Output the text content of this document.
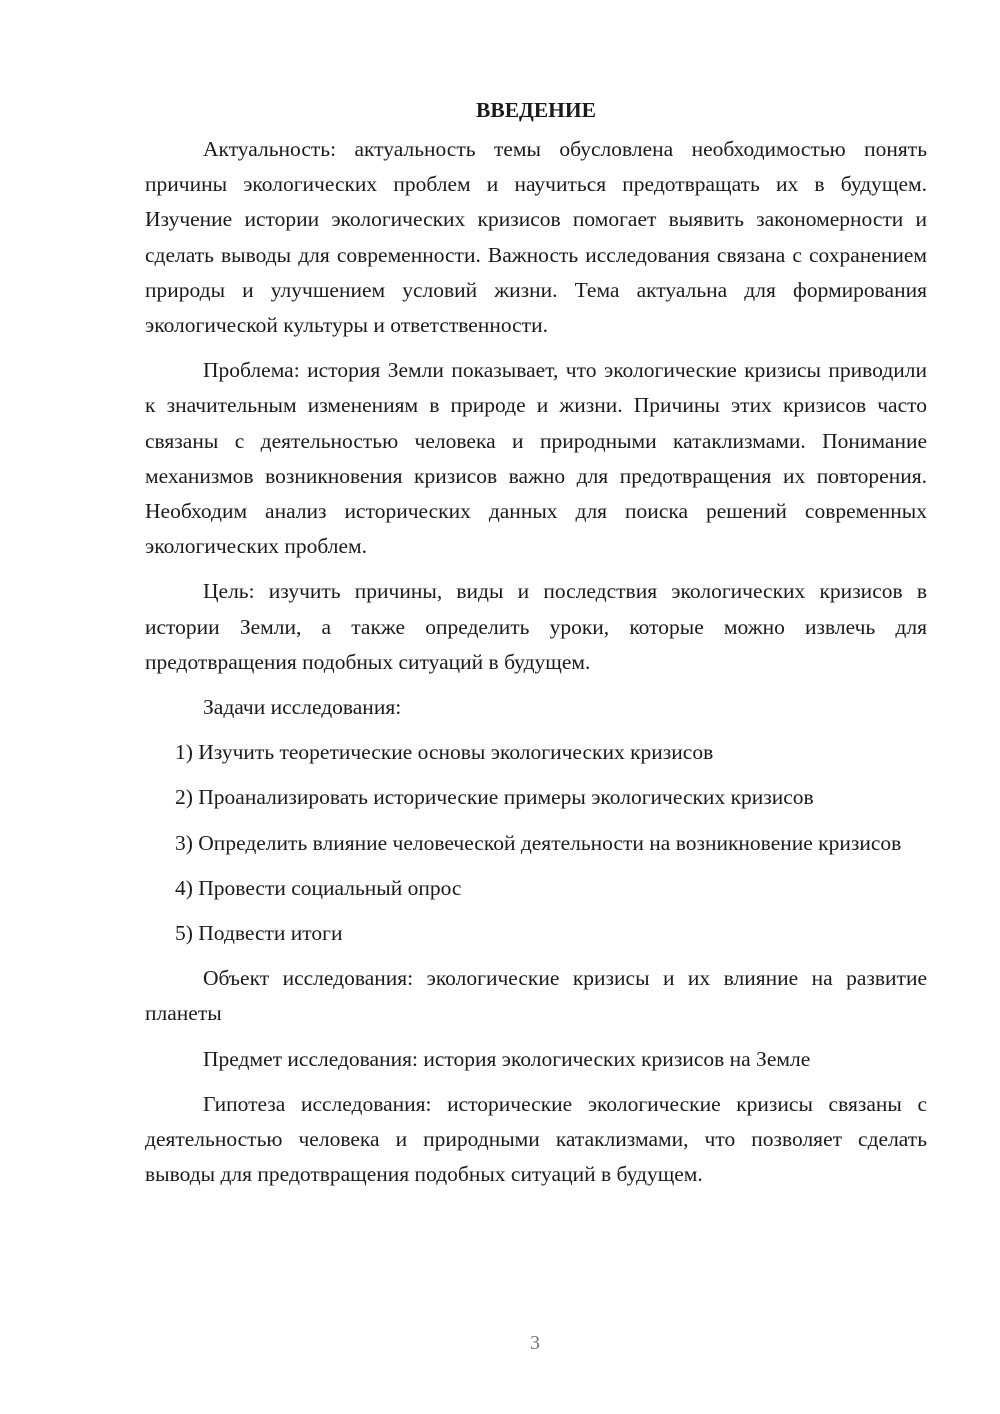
ВВЕДЕНИЕ

Актуальность: актуальность темы обусловлена необходимостью понять причины экологических проблем и научиться предотвращать их в будущем. Изучение истории экологических кризисов помогает выявить закономерности и сделать выводы для современности. Важность исследования связана с сохранением природы и улучшением условий жизни. Тема актуальна для формирования экологической культуры и ответственности.

Проблема: история Земли показывает, что экологические кризисы приводили к значительным изменениям в природе и жизни. Причины этих кризисов часто связаны с деятельностью человека и природными катаклизмами. Понимание механизмов возникновения кризисов важно для предотвращения их повторения. Необходим анализ исторических данных для поиска решений современных экологических проблем.

Цель: изучить причины, виды и последствия экологических кризисов в истории Земли, а также определить уроки, которые можно извлечь для предотвращения подобных ситуаций в будущем.

Задачи исследования:

1) Изучить теоретические основы экологических кризисов

2) Проанализировать исторические примеры экологических кризисов

3) Определить влияние человеческой деятельности на возникновение кризисов

4) Провести социальный опрос

5) Подвести итоги

Объект исследования: экологические кризисы и их влияние на развитие планеты

Предмет исследования: история экологических кризисов на Земле

Гипотеза исследования: исторические экологические кризисы связаны с деятельностью человека и природными катаклизмами, что позволяет сделать выводы для предотвращения подобных ситуаций в будущем.

3
